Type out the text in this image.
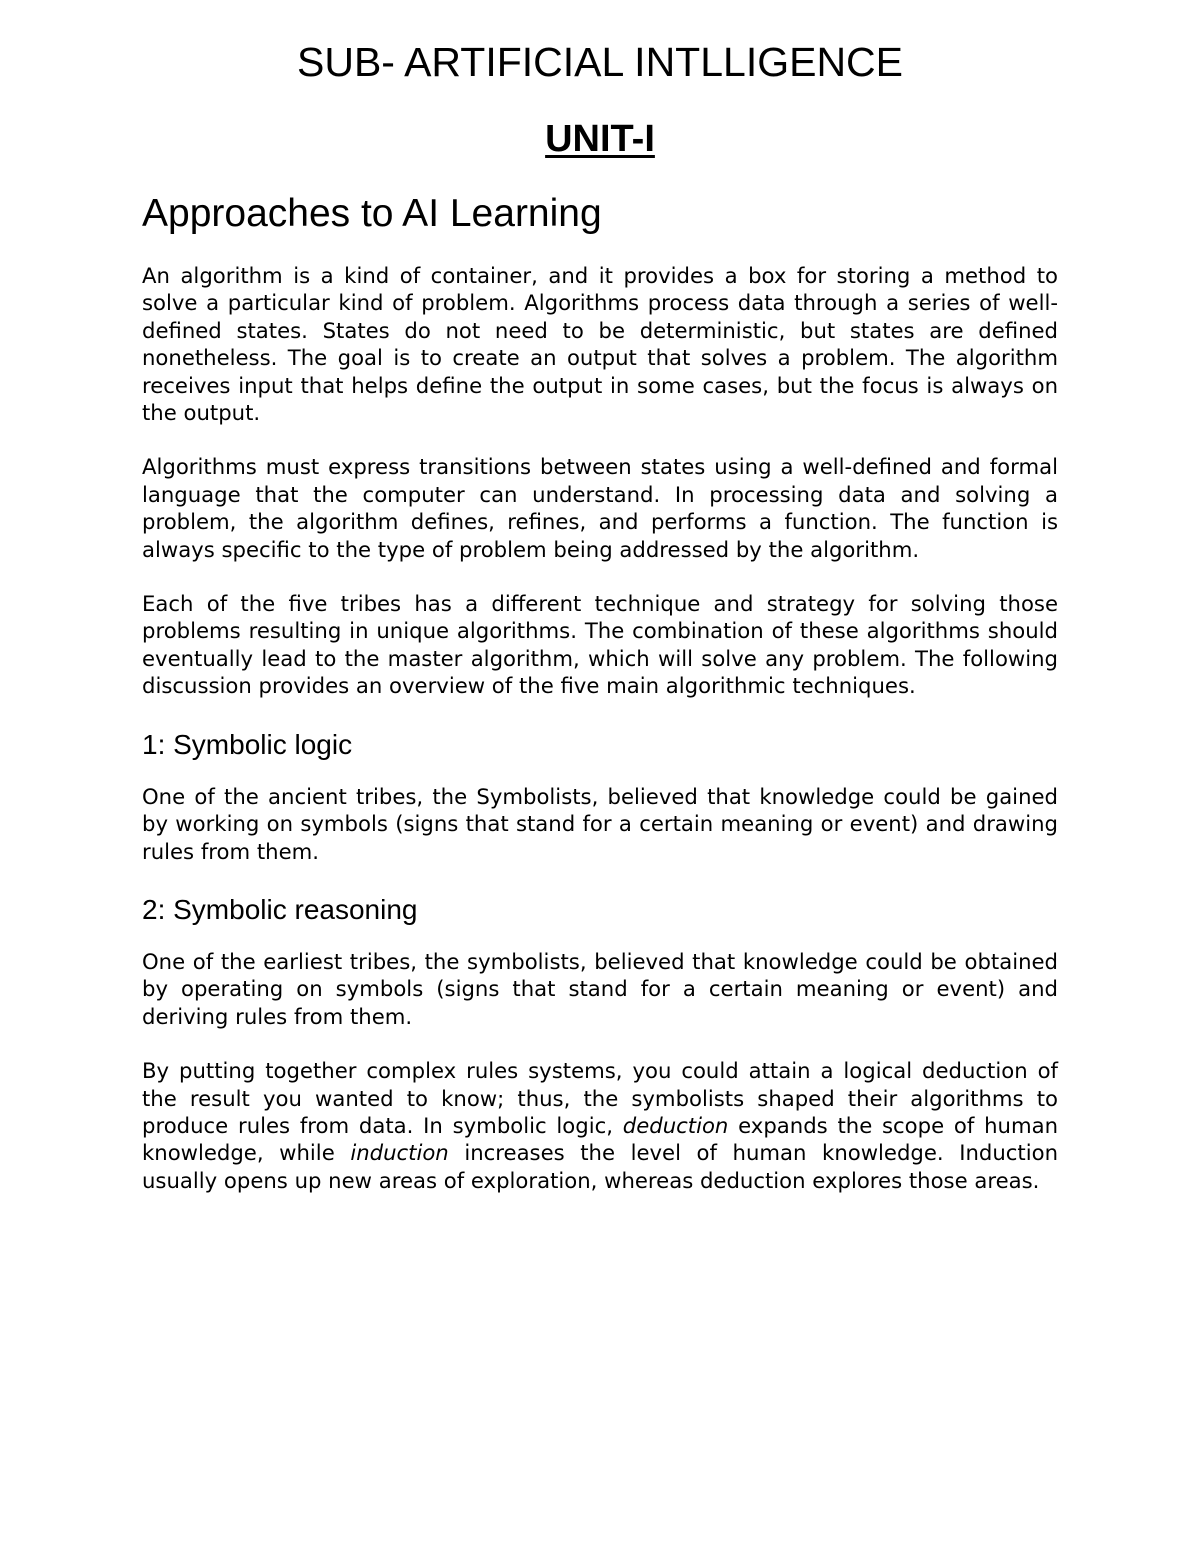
SUB- ARTIFICIAL INTLLIGENCE
UNIT-I
Approaches to AI Learning

An algorithm is a kind of container, and it provides a box for storing a method to solve a particular kind of problem. Algorithms process data through a series of well-defined states. States do not need to be deterministic, but states are defined nonetheless. The goal is to create an output that solves a problem. The algorithm receives input that helps define the output in some cases, but the focus is always on the output.

Algorithms must express transitions between states using a well-defined and formal language that the computer can understand. In processing data and solving a problem, the algorithm defines, refines, and performs a function. The function is always specific to the type of problem being addressed by the algorithm.

Each of the five tribes has a different technique and strategy for solving those problems resulting in unique algorithms. The combination of these algorithms should eventually lead to the master algorithm, which will solve any problem. The following discussion provides an overview of the five main algorithmic techniques.

1: Symbolic logic

One of the ancient tribes, the Symbolists, believed that knowledge could be gained by working on symbols (signs that stand for a certain meaning or event) and drawing rules from them.

2: Symbolic reasoning

One of the earliest tribes, the symbolists, believed that knowledge could be obtained by operating on symbols (signs that stand for a certain meaning or event) and deriving rules from them.

By putting together complex rules systems, you could attain a logical deduction of the result you wanted to know; thus, the symbolists shaped their algorithms to produce rules from data. In symbolic logic, deduction expands the scope of human knowledge, while induction increases the level of human knowledge. Induction usually opens up new areas of exploration, whereas deduction explores those areas.
